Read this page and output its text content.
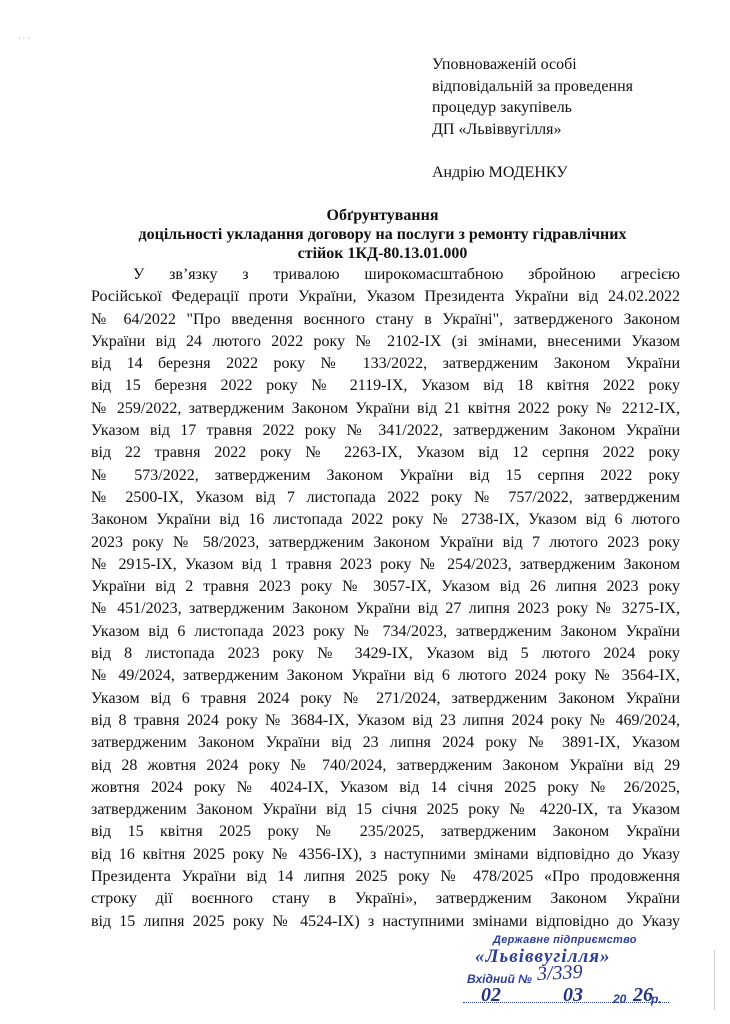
· · ·
Уповноваженій особі
відповідальній за проведення
процедур закупівель
ДП «Львіввугілля»
Андрію МОДЕНКУ
Обґрунтування
доцільності укладання договору на послуги з ремонту гідравлічних
стійок 1КД-80.13.01.000
У зв’язку з тривалою широкомасштабною збройною агресією
Російської Федерації проти України, Указом Президента України від 24.02.2022
№ 64/2022 "Про введення воєнного стану в Україні", затвердженого Законом
України від 24 лютого 2022 року № 2102-IX (зі змінами, внесеними Указом
від 14 березня 2022 року № 133/2022, затвердженим Законом України
від 15 березня 2022 року № 2119-IX, Указом від 18 квітня 2022 року
№ 259/2022, затвердженим Законом України від 21 квітня 2022 року № 2212-IX,
Указом від 17 травня 2022 року № 341/2022, затвердженим Законом України
від 22 травня 2022 року № 2263-IX, Указом від 12 серпня 2022 року
№ 573/2022, затвердженим Законом України від 15 серпня 2022 року
№ 2500-IX, Указом від 7 листопада 2022 року № 757/2022, затвердженим
Законом України від 16 листопада 2022 року № 2738-IX, Указом від 6 лютого
2023 року № 58/2023, затвердженим Законом України від 7 лютого 2023 року
№ 2915-IX, Указом від 1 травня 2023 року № 254/2023, затвердженим Законом
України від 2 травня 2023 року № 3057-IX, Указом від 26 липня 2023 року
№ 451/2023, затвердженим Законом України від 27 липня 2023 року № 3275-IX,
Указом від 6 листопада 2023 року № 734/2023, затвердженим Законом України
від 8 листопада 2023 року № 3429-IX, Указом від 5 лютого 2024 року
№ 49/2024, затвердженим Законом України від 6 лютого 2024 року № 3564-IX,
Указом від 6 травня 2024 року № 271/2024, затвердженим Законом України
від 8 травня 2024 року № 3684-IX, Указом від 23 липня 2024 року № 469/2024,
затвердженим Законом України від 23 липня 2024 року № 3891-IX, Указом
від 28 жовтня 2024 року № 740/2024, затвердженим Законом України від 29
жовтня 2024 року № 4024-IX, Указом від 14 січня 2025 року № 26/2025,
затвердженим Законом України від 15 січня 2025 року № 4220-IX, та Указом
від 15 квітня 2025 року № 235/2025, затвердженим Законом України
від 16 квітня 2025 року № 4356-IX), з наступними змінами відповідно до Указу
Президента України від 14 липня 2025 року № 478/2025 «Про продовження
строку дії воєнного стану в Україні», затвердженим Законом України
від 15 липня 2025 року № 4524-IX) з наступними змінами відповідно до Указу
Державне підприємство
«Львіввугілля»
Вхідний № 3/339
02	03	20 26
р.
